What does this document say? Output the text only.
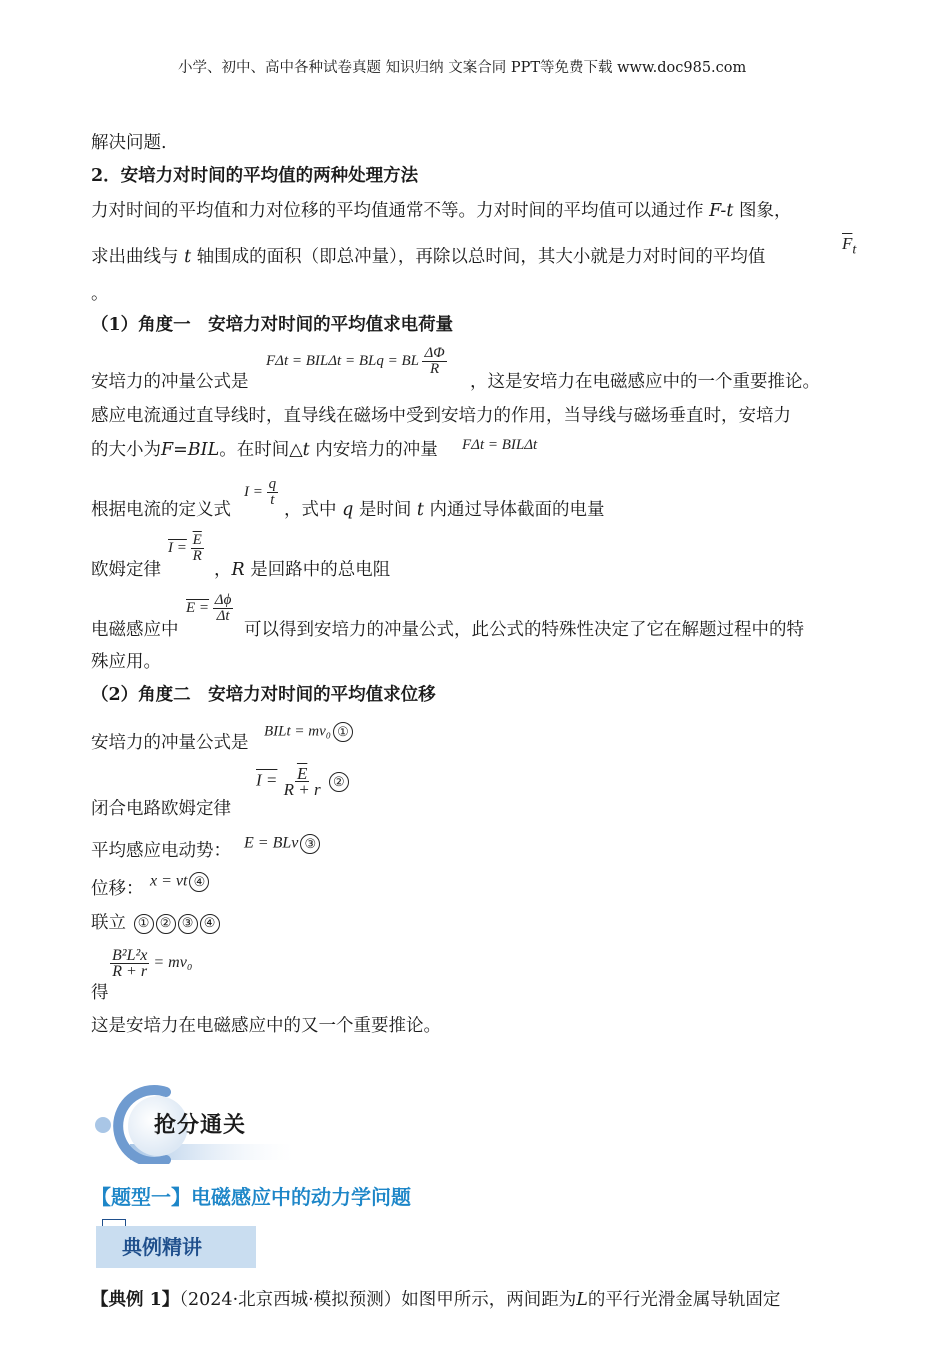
小学、初中、高中各种试卷真题 知识归纳 文案合同 PPT等免费下载 www.doc985.com
解决问题.
2．安培力对时间的平均值的两种处理方法
力对时间的平均值和力对位移的平均值通常不等。力对时间的平均值可以通过作 F-t 图象，
求出曲线与 t 轴围成的面积（即总冲量），再除以总时间，其大小就是力对时间的平均值
$\overline{F}_t$
。
（1）角度一　安培力对时间的平均值求电荷量
安培力的冲量公式是
FΔt = BILΔt = BLq = BL $\frac{\Delta\Phi}{R}$
，这是安培力在电磁感应中的一个重要推论。
感应电流通过直导线时，直导线在磁场中受到安培力的作用，当导线与磁场垂直时，安培力
的大小为F=BIL。在时间△t 内安培力的冲量 FΔt = BILΔt
根据电流的定义式
$I = \frac{q}{t}$
，式中 q 是时间 t 内通过导体截面的电量
欧姆定律
$I = \frac{\overline{E}}{R}$
，R 是回路中的总电阻
电磁感应中
$E = \frac{\Delta\phi}{\Delta t}$
可以得到安培力的冲量公式，此公式的特殊性决定了它在解题过程中的特
殊应用。
（2）角度二　安培力对时间的平均值求位移
安培力的冲量公式是
BILt = mv₀ ①
闭合电路欧姆定律
$I = \frac{\overline{E}}{R + r}$ ②
平均感应电动势： E = BLv ③
位移： x = vt ④
联立 ① ② ③ ④
得
$\frac{\text{B²L²x}}{R + r} = mv_0$
这是安培力在电磁感应中的又一个重要推论。
抢分通关
【题型一】电磁感应中的动力学问题
典例精讲
【典例 1】（2024·北京西城·模拟预测）如图甲所示，两间距为L的平行光滑金属导轨固定
